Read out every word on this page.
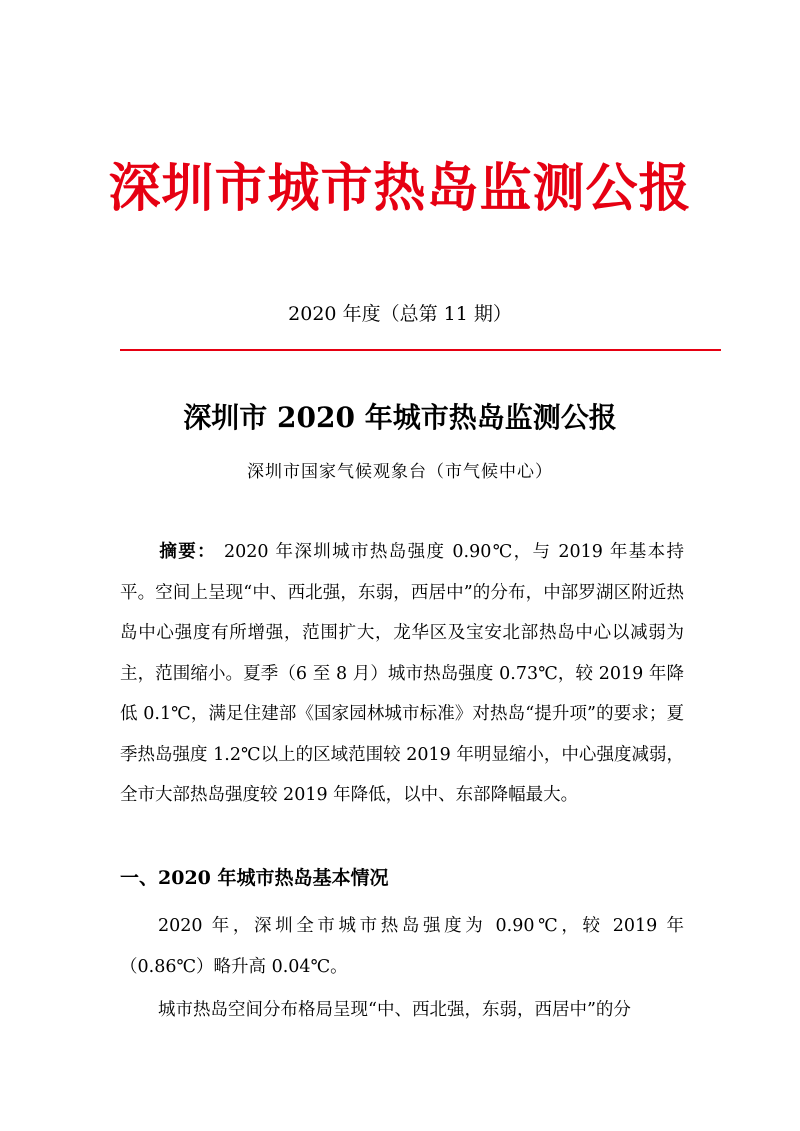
深圳市城市热岛监测公报

2020 年度（总第 11 期）

深圳市 2020 年城市热岛监测公报

深圳市国家气候观象台（市气候中心）

摘要： 2020 年深圳城市热岛强度 0.90℃，与 2019 年基本持平。空间上呈现“中、西北强，东弱，西居中”的分布，中部罗湖区附近热岛中心强度有所增强，范围扩大，龙华区及宝安北部热岛中心以减弱为主，范围缩小。夏季（6 至 8 月）城市热岛强度 0.73℃，较 2019 年降低 0.1℃，满足住建部《国家园林城市标准》对热岛“提升项”的要求；夏季热岛强度 1.2℃以上的区域范围较 2019 年明显缩小，中心强度减弱，全市大部热岛强度较 2019 年降低，以中、东部降幅最大。

一、2020 年城市热岛基本情况

2020 年，深圳全市城市热岛强度为 0.90℃，较 2019 年（0.86℃）略升高 0.04℃。

城市热岛空间分布格局呈现“中、西北强，东弱，西居中”的分
